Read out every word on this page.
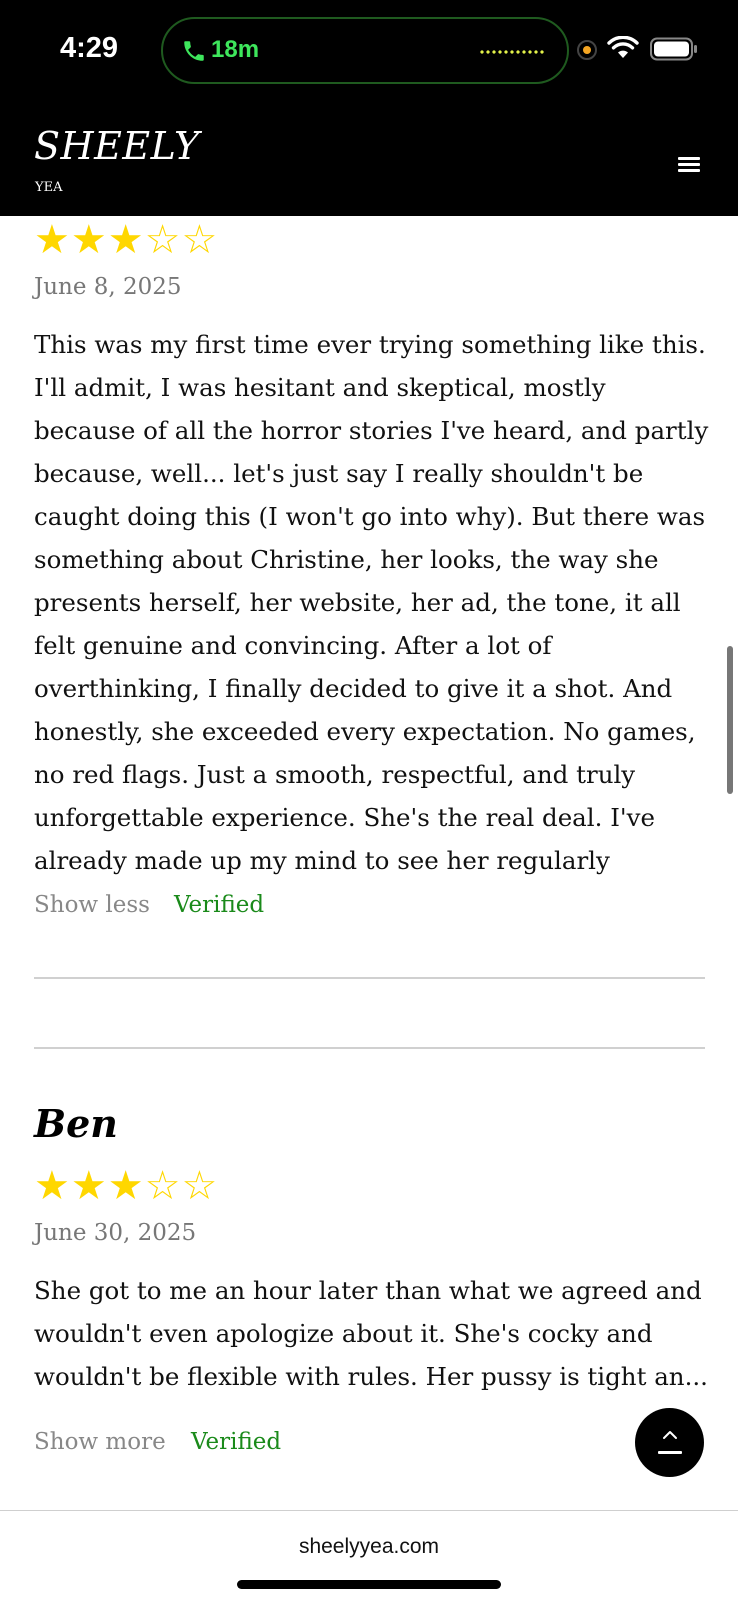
4:29	18m
SHEELY
YEA
★★★☆☆
June 8, 2025
This was my first time ever trying something like this. I'll admit, I was hesitant and skeptical, mostly because of all the horror stories I've heard, and partly because, well... let's just say I really shouldn't be caught doing this (I won't go into why). But there was something about Christine, her looks, the way she presents herself, her website, her ad, the tone, it all felt genuine and convincing. After a lot of overthinking, I finally decided to give it a shot. And honestly, she exceeded every expectation. No games, no red flags. Just a smooth, respectful, and truly unforgettable experience. She's the real deal. I've already made up my mind to see her regularly
Show less Verified
Ben
★★★☆☆
June 30, 2025
She got to me an hour later than what we agreed and wouldn't even apologize about it. She's cocky and wouldn't be flexible with rules. Her pussy is tight an...
Show more Verified
sheelyyea.com
